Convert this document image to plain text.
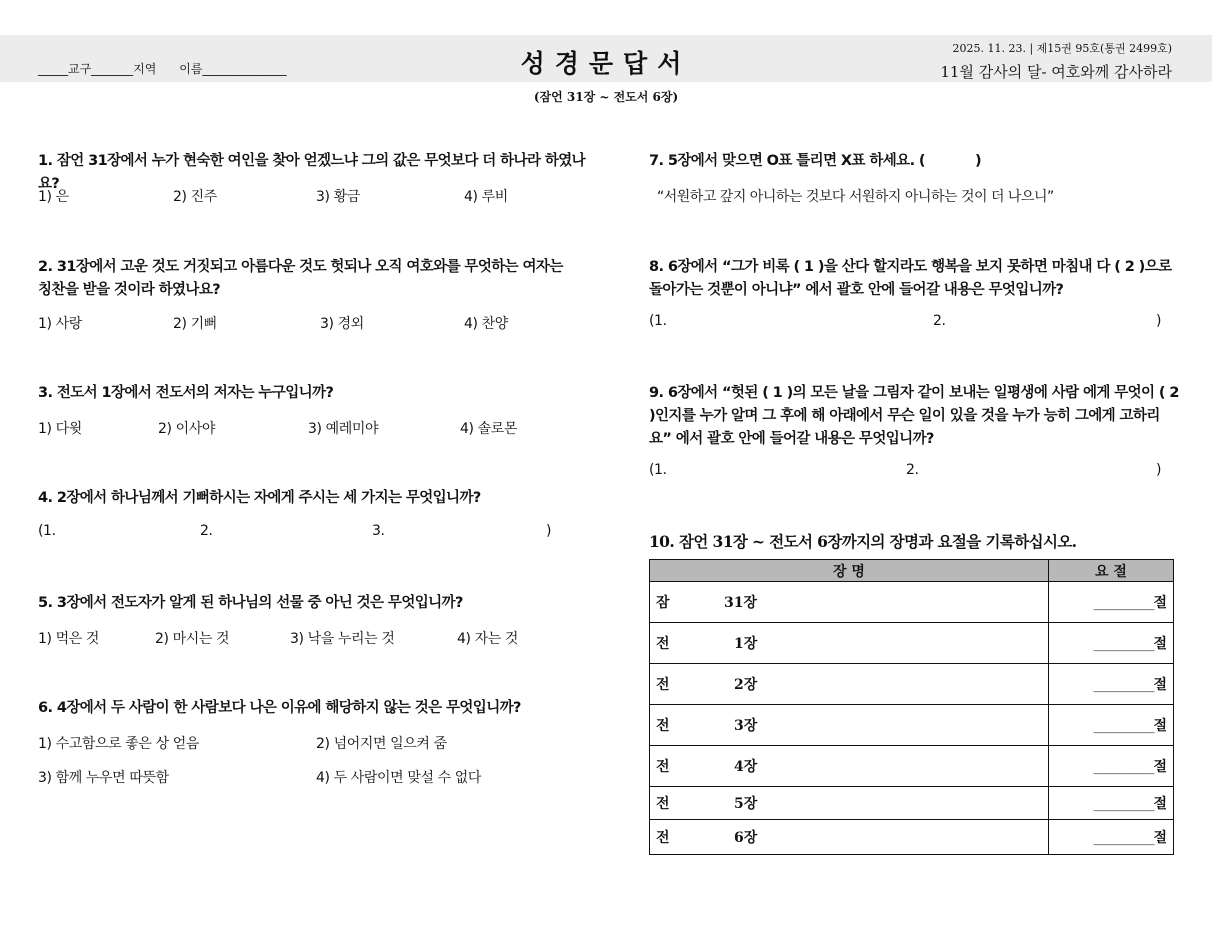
_____교구_______지역      이름______________	성경문답서
(잠언 31장 ~ 전도서 6장)
2025. 11. 23. | 제15권 95호(통권 2499호)
11월 감사의 달- 여호와께 감사하라
1. 잠언 31장에서 누가 현숙한 여인을 찾아 얻겠느냐 그의 값은 무엇보다 더 하나라 하였나요?
1) 은	2) 진주	3) 황금	4) 루비
2. 31장에서 고운 것도 거짓되고 아름다운 것도 헛되나 오직 여호와를 무엇하는 여자는 칭찬을 받을 것이라 하였나요?
1) 사랑	2) 기뻐	3) 경외	4) 찬양
3. 전도서 1장에서 전도서의 저자는 누구입니까?
1) 다윗	2) 이사야	3) 예레미야	4) 솔로몬
4. 2장에서 하나님께서 기뻐하시는 자에게 주시는 세 가지는 무엇입니까?
(1.	2.	3.	)
5. 3장에서 전도자가 알게 된 하나님의 선물 중 아닌 것은 무엇입니까?
1) 먹은 것	2) 마시는 것	3) 낙을 누리는 것	4) 자는 것
6. 4장에서 두 사람이 한 사람보다 나은 이유에 해당하지 않는 것은 무엇입니까?
1) 수고함으로 좋은 상 얻음	2) 넘어지면 일으켜 줌
3) 함께 누우면 따뜻함	4) 두 사람이면 맞설 수 없다
7. 5장에서 맞으면 O표 틀리면 X표 하세요. (	)
“서원하고 갚지 아니하는 것보다 서원하지 아니하는 것이 더 나으니”
8. 6장에서 “그가 비록 ( 1 )을 산다 할지라도 행복을 보지 못하면 마침내 다 ( 2 )으로 돌아가는 것뿐이 아니냐” 에서 괄호 안에 들어갈 내용은 무엇입니까?
(1.	2.	)
9. 6장에서 “헛된 ( 1 )의 모든 날을 그림자 같이 보내는 일평생에 사람 에게 무엇이 ( 2 )인지를 누가 알며 그 후에 해 아래에서 무슨 일이 있을 것을 누가 능히 그에게 고하리요” 에서 괄호 안에 들어갈 내용은 무엇입니까?
(1.	2.	)
10. 잠언 31장 ~ 전도서 6장까지의 장명과 요절을 기록하십시오.
장 명	요 절
잠 31장	__________절
전 1장	__________절
전 2장	__________절
전 3장	__________절
전 4장	__________절
전 5장	__________절
전 6장	__________절
